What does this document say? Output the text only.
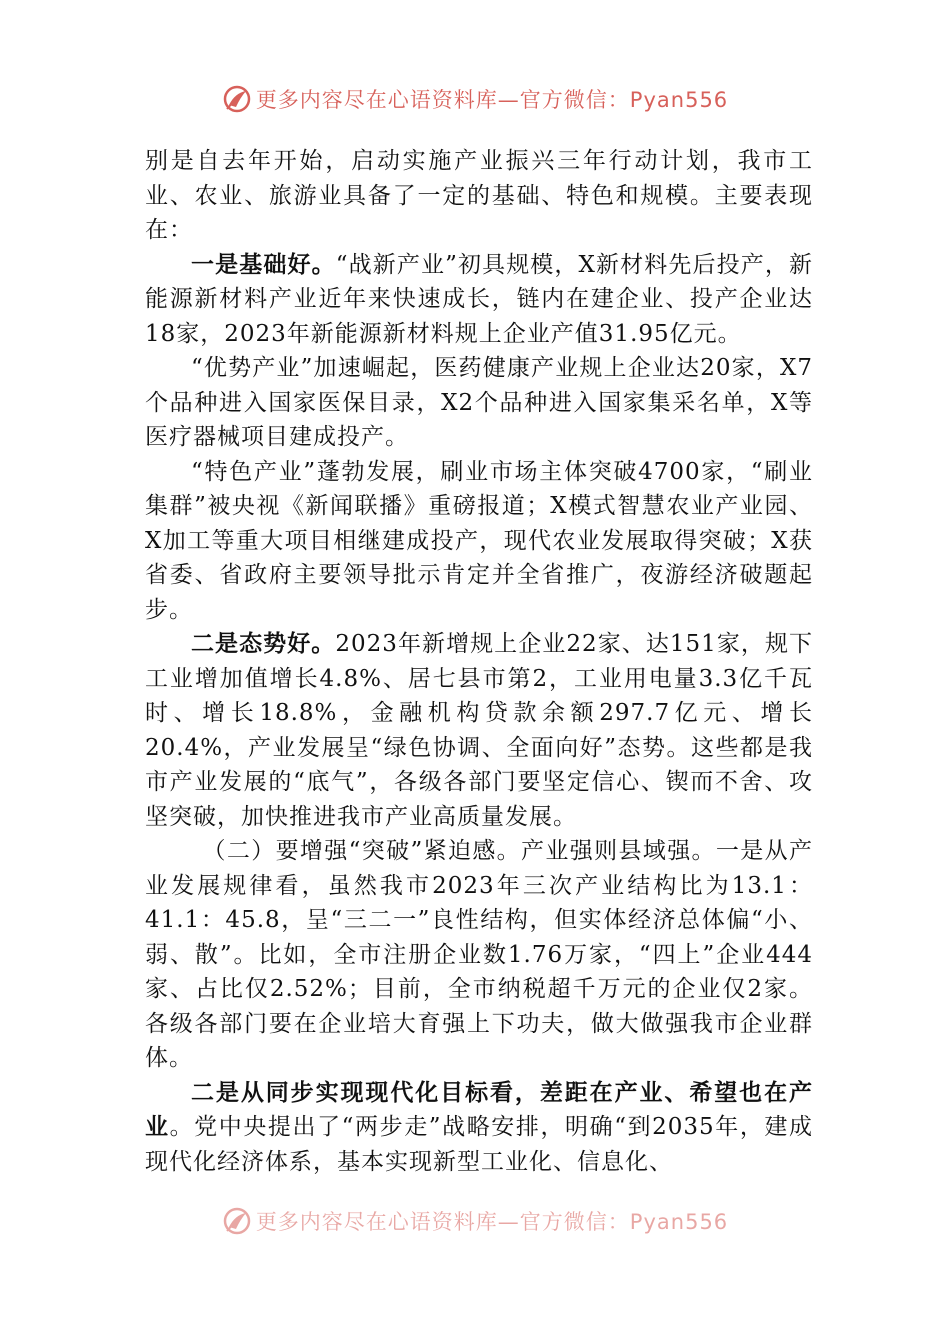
更多内容尽在心语资料库—官方微信：Pyan556

别是自去年开始，启动实施产业振兴三年行动计划，我市工业、农业、旅游业具备了一定的基础、特色和规模。主要表现在：

一是基础好。“战新产业”初具规模，X新材料先后投产，新能源新材料产业近年来快速成长，链内在建企业、投产企业达18家，2023年新能源新材料规上企业产值31.95亿元。

“优势产业”加速崛起，医药健康产业规上企业达20家，X7个品种进入国家医保目录，X2个品种进入国家集采名单，X等医疗器械项目建成投产。

“特色产业”蓬勃发展，刷业市场主体突破4700家，“刷业集群”被央视《新闻联播》重磅报道；X模式智慧农业产业园、X加工等重大项目相继建成投产，现代农业发展取得突破；X获省委、省政府主要领导批示肯定并全省推广，夜游经济破题起步。

二是态势好。2023年新增规上企业22家、达151家，规下工业增加值增长4.8%、居七县市第2，工业用电量3.3亿千瓦时、增长18.8%，金融机构贷款余额297.7亿元、增长20.4%，产业发展呈“绿色协调、全面向好”态势。这些都是我市产业发展的“底气”，各级各部门要坚定信心、锲而不舍、攻坚突破，加快推进我市产业高质量发展。

（二）要增强“突破”紧迫感。产业强则县域强。一是从产业发展规律看，虽然我市2023年三次产业结构比为13.1：41.1：45.8，呈“三二一”良性结构，但实体经济总体偏“小、弱、散”。比如，全市注册企业数1.76万家，“四上”企业444家、占比仅2.52%；目前，全市纳税超千万元的企业仅2家。各级各部门要在企业培大育强上下功夫，做大做强我市企业群体。

二是从同步实现现代化目标看，差距在产业、希望也在产业。党中央提出了“两步走”战略安排，明确“到2035年，建成现代化经济体系，基本实现新型工业化、信息化、

更多内容尽在心语资料库—官方微信：Pyan556
